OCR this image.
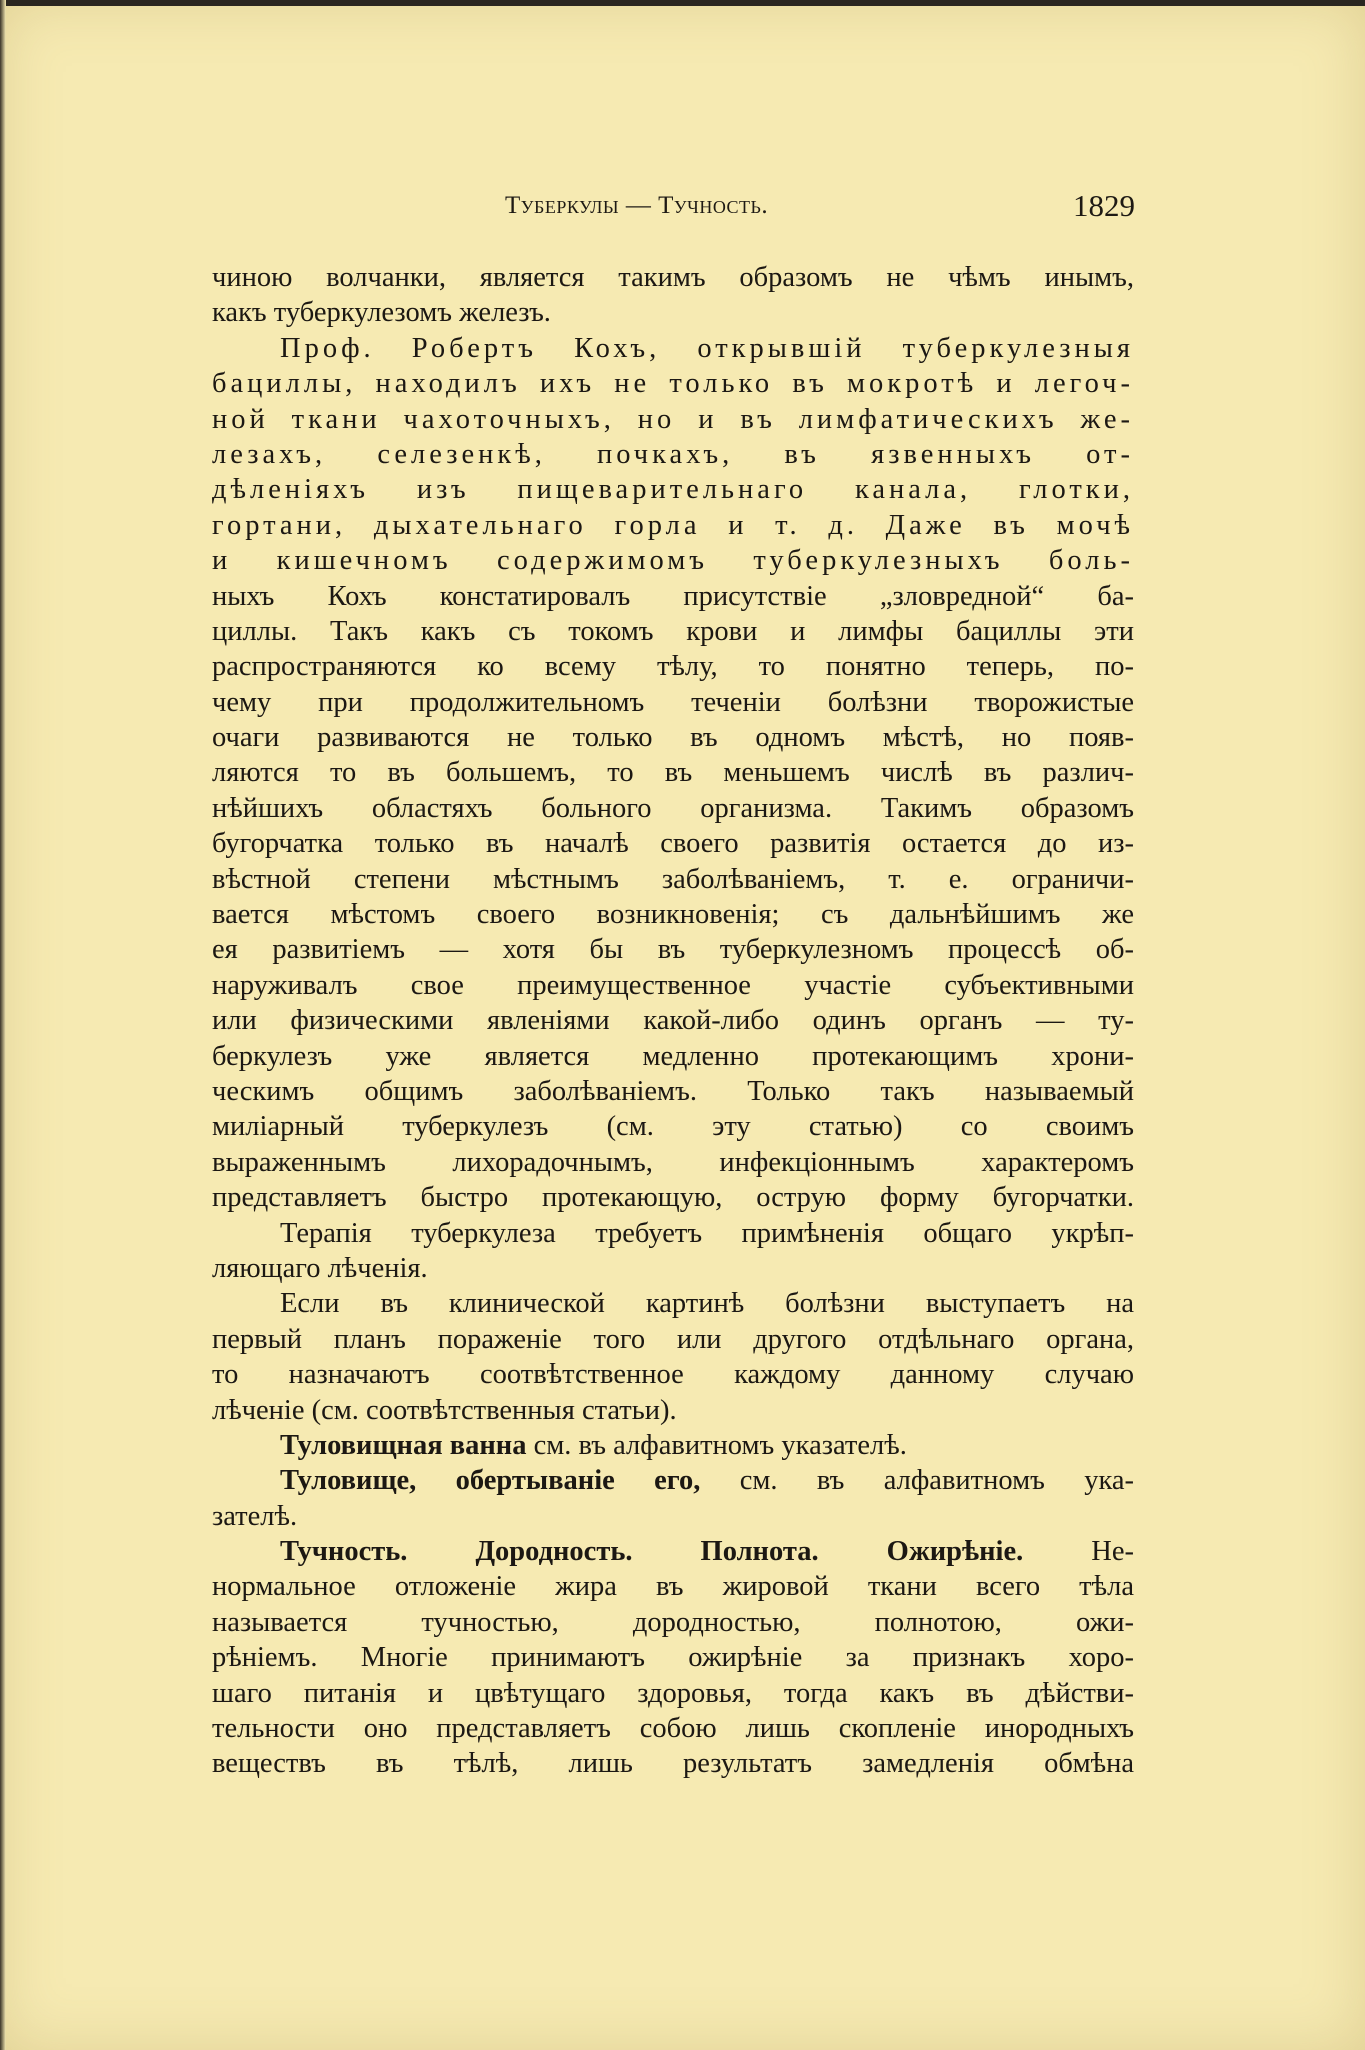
Туберкулы — Тучность.	1829
чиною волчанки, является такимъ образомъ не чѣмъ инымъ,
какъ туберкулезомъ железъ.
Проф. Робертъ Кохъ, открывшій туберкулезныя
бациллы, находилъ ихъ не только въ мокротѣ и легоч-
ной ткани чахоточныхъ, но и въ лимфатическихъ же-
лезахъ, селезенкѣ, почкахъ, въ язвенныхъ от-
дѣленіяхъ изъ пищеварительнаго канала, глотки,
гортани, дыхательнаго горла и т. д. Даже въ мочѣ
и кишечномъ содержимомъ туберкулезныхъ боль-
ныхъ Кохъ констатировалъ присутствіе „зловредной“ ба-
циллы. Такъ какъ съ токомъ крови и лимфы бациллы эти
распространяются ко всему тѣлу, то понятно теперь, по-
чему при продолжительномъ теченіи болѣзни творожистые
очаги развиваются не только въ одномъ мѣстѣ, но появ-
ляются то въ большемъ, то въ меньшемъ числѣ въ различ-
нѣйшихъ областяхъ больного организма. Такимъ образомъ
бугорчатка только въ началѣ своего развитія остается до из-
вѣстной степени мѣстнымъ заболѣваніемъ, т. е. ограничи-
вается мѣстомъ своего возникновенія; съ дальнѣйшимъ же
ея развитіемъ — хотя бы въ туберкулезномъ процессѣ об-
наруживалъ свое преимущественное участіе субъективными
или физическими явленіями какой-либо одинъ органъ — ту-
беркулезъ уже является медленно протекающимъ хрони-
ческимъ общимъ заболѣваніемъ. Только такъ называемый
миліарный туберкулезъ (см. эту статью) со своимъ
выраженнымъ лихорадочнымъ, инфекціоннымъ характеромъ
представляетъ быстро протекающую, острую форму бугорчатки.
Терапія туберкулеза требуетъ примѣненія общаго укрѣп-
ляющаго лѣченія.
Если въ клинической картинѣ болѣзни выступаетъ на
первый планъ пораженіе того или другого отдѣльнаго органа,
то назначаютъ соотвѣтственное каждому данному случаю
лѣченіе (см. соотвѣтственныя статьи).
Туловищная ванна см. въ алфавитномъ указателѣ.
Туловище, обертываніе его, см. въ алфавитномъ ука-
зателѣ.
Тучность. Дородность. Полнота. Ожирѣніе. Не-
нормальное отложеніе жира въ жировой ткани всего тѣла
называется тучностью, дородностью, полнотою, ожи-
рѣніемъ. Многіе принимаютъ ожирѣніе за признакъ хоро-
шаго питанія и цвѣтущаго здоровья, тогда какъ въ дѣйстви-
тельности оно представляетъ собою лишь скопленіе инородныхъ
веществъ въ тѣлѣ, лишь результатъ замедленія обмѣна
